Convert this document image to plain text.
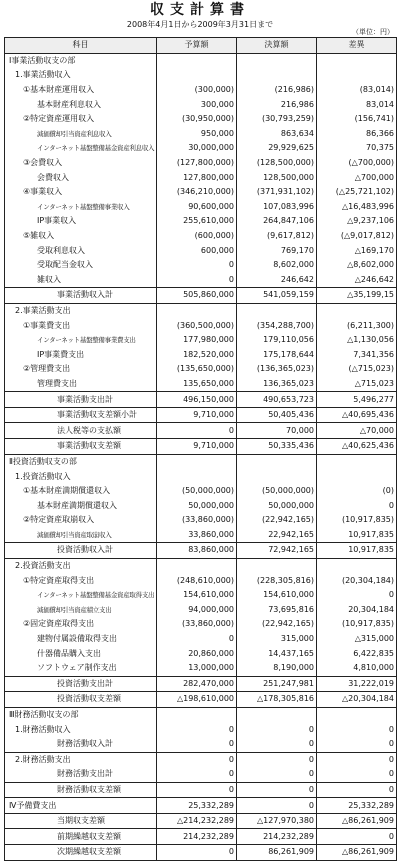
収支計算書
2008年4月1日から2009年3月31日まで
（単位：円）
科目	予算額	決算額	差異
Ⅰ事業活動収支の部			
1.事業活動収入			
①基本財産運用収入	(300,000)	(216,986)	(83,014)
基本財産利息収入	300,000	216,986	83,014
②特定資産運用収入	(30,950,000)	(30,793,259)	(156,741)
減価償却引当資産利息収入	950,000	863,634	86,366
インターネット基盤整備基金資産利息収入	30,000,000	29,929,625	70,375
③会費収入	(127,800,000)	(128,500,000)	(△700,000)
会費収入	127,800,000	128,500,000	△700,000
④事業収入	(346,210,000)	(371,931,102)	(△25,721,102)
インターネット基盤整備事業収入	90,600,000	107,083,996	△16,483,996
IP事業収入	255,610,000	264,847,106	△9,237,106
⑤雑収入	(600,000)	(9,617,812)	(△9,017,812)
受取利息収入	600,000	769,170	△169,170
受取配当金収入	0	8,602,000	△8,602,000
雑収入	0	246,642	△246,642
事業活動収入計	505,860,000	541,059,159	△35,199,15
2.事業活動支出			
①事業費支出	(360,500,000)	(354,288,700)	(6,211,300)
インターネット基盤整備事業費支出	177,980,000	179,110,056	△1,130,056
IP事業費支出	182,520,000	175,178,644	7,341,356
②管理費支出	(135,650,000)	(136,365,023)	(△715,023)
管理費支出	135,650,000	136,365,023	△715,023
事業活動支出計	496,150,000	490,653,723	5,496,277
事業活動収支差額小計	9,710,000	50,405,436	△40,695,436
法人税等の支払額	0	70,000	△70,000
事業活動収支差額	9,710,000	50,335,436	△40,625,436
Ⅱ投資活動収支の部			
1.投資活動収入			
①基本財産満期償還収入	(50,000,000)	(50,000,000)	(0)
基本財産満期償還収入	50,000,000	50,000,000	0
②特定資産取崩収入	(33,860,000)	(22,942,165)	(10,917,835)
減価償却引当資産取崩収入	33,860,000	22,942,165	10,917,835
投資活動収入計	83,860,000	72,942,165	10,917,835
2.投資活動支出			
①特定資産取得支出	(248,610,000)	(228,305,816)	(20,304,184)
インターネット基盤整備基金資産取得支出	154,610,000	154,610,000	0
減価償却引当資産積立支出	94,000,000	73,695,816	20,304,184
②固定資産取得支出	(33,860,000)	(22,942,165)	(10,917,835)
建物付属設備取得支出	0	315,000	△315,000
什器備品購入支出	20,860,000	14,437,165	6,422,835
ソフトウェア制作支出	13,000,000	8,190,000	4,810,000
投資活動支出計	282,470,000	251,247,981	31,222,019
投資活動収支差額	△198,610,000	△178,305,816	△20,304,184
Ⅲ財務活動収支の部			
1.財務活動収入	0	0	0
財務活動収入計	0	0	0
2.財務活動支出	0	0	0
財務活動支出計	0	0	0
財務活動収支差額	0	0	0
Ⅳ予備費支出	25,332,289	0	25,332,289
当期収支差額	△214,232,289	△127,970,380	△86,261,909
前期繰越収支差額	214,232,289	214,232,289	0
次期繰越収支差額	0	86,261,909	△86,261,909
